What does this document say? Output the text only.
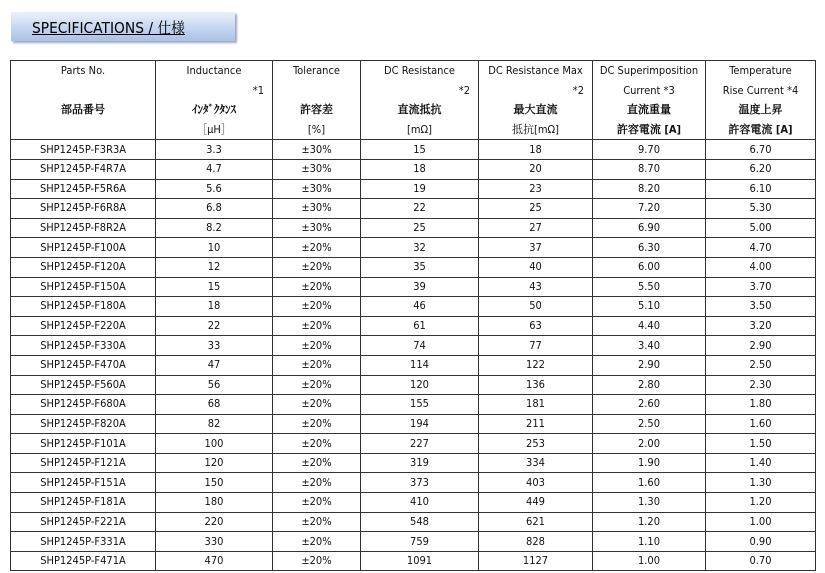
SPECIFICATIONS / 仕様
Parts No.	Inductance	Tolerance	DC Resistance	DC Resistance Max	DC Superimposition	Temperature
	*1		*2	*2	Current *3	Rise Current *4
部品番号	ｲﾝﾀﾞｸﾀﾝｽ	許容差	直流抵抗	最大直流	直流重量	温度上昇
	［μH］	[%]	[mΩ]	抵抗[mΩ]	許容電流 [A]	許容電流 [A]
SHP1245P-F3R3A	3.3	±30%	15	18	9.70	6.70
SHP1245P-F4R7A	4.7	±30%	18	20	8.70	6.20
SHP1245P-F5R6A	5.6	±30%	19	23	8.20	6.10
SHP1245P-F6R8A	6.8	±30%	22	25	7.20	5.30
SHP1245P-F8R2A	8.2	±30%	25	27	6.90	5.00
SHP1245P-F100A	10	±20%	32	37	6.30	4.70
SHP1245P-F120A	12	±20%	35	40	6.00	4.00
SHP1245P-F150A	15	±20%	39	43	5.50	3.70
SHP1245P-F180A	18	±20%	46	50	5.10	3.50
SHP1245P-F220A	22	±20%	61	63	4.40	3.20
SHP1245P-F330A	33	±20%	74	77	3.40	2.90
SHP1245P-F470A	47	±20%	114	122	2.90	2.50
SHP1245P-F560A	56	±20%	120	136	2.80	2.30
SHP1245P-F680A	68	±20%	155	181	2.60	1.80
SHP1245P-F820A	82	±20%	194	211	2.50	1.60
SHP1245P-F101A	100	±20%	227	253	2.00	1.50
SHP1245P-F121A	120	±20%	319	334	1.90	1.40
SHP1245P-F151A	150	±20%	373	403	1.60	1.30
SHP1245P-F181A	180	±20%	410	449	1.30	1.20
SHP1245P-F221A	220	±20%	548	621	1.20	1.00
SHP1245P-F331A	330	±20%	759	828	1.10	0.90
SHP1245P-F471A	470	±20%	1091	1127	1.00	0.70
